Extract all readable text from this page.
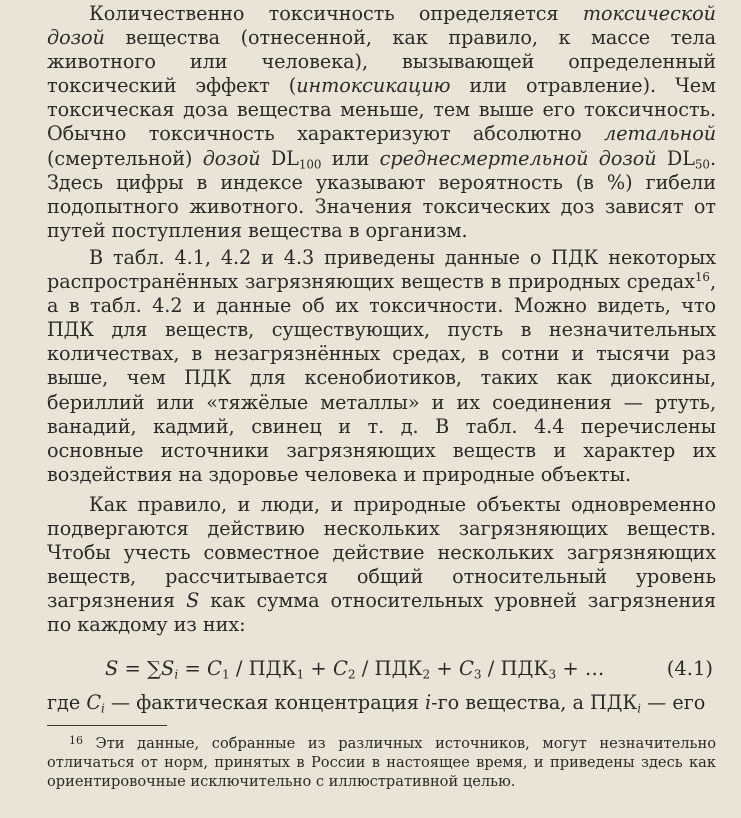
Количественно токсичность определяется токсической дозой вещества (отнесенной, как правило, к массе тела животного или человека), вызывающей определенный токсический эффект (интоксикацию или отравление). Чем токсическая доза вещества меньше, тем выше его токсичность. Обычно токсичность характеризуют абсолютно летальной (смертельной) дозой $DL_{100}$ или среднесмертельной дозой $DL_{50}$. Здесь цифры в индексе указывают вероятность (в %) гибели подопытного животного. Значения токсических доз зависят от путей поступления вещества в организм.

В табл. 4.1, 4.2 и 4.3 приведены данные о ПДК некоторых распространённых загрязняющих веществ в природных средах$^{16}$, а в табл. 4.2 и данные об их токсичности. Можно видеть, что ПДК для веществ, существующих, пусть в незначительных количествах, в незагрязнённых средах, в сотни и тысячи раз выше, чем ПДК для ксенобиотиков, таких как диоксины, бериллий или «тяжёлые металлы» и их соединения — ртуть, ванадий, кадмий, свинец и т. д. В табл. 4.4 перечислены основные источники загрязняющих веществ и характер их воздействия на здоровье человека и природные объекты.

Как правило, и люди, и природные объекты одновременно подвергаются действию нескольких загрязняющих веществ. Чтобы учесть совместное действие нескольких загрязняющих веществ, рассчитывается общий относительный уровень загрязнения S как сумма относительных уровней загрязнения по каждому из них:

$S = \sum S_i = C_1 / ПДК_1 + C_2 / ПДК_2 + C_3 / ПДК_3$ + …	(4.1)

где $C_i$ — фактическая концентрация i-го вещества, а $ПДК_i$ — его

$^{16}$ Эти данные, собранные из различных источников, могут незначительно отличаться от норм, принятых в России в настоящее время, и приведены здесь как ориентировочные исключительно с иллюстративной целью.
